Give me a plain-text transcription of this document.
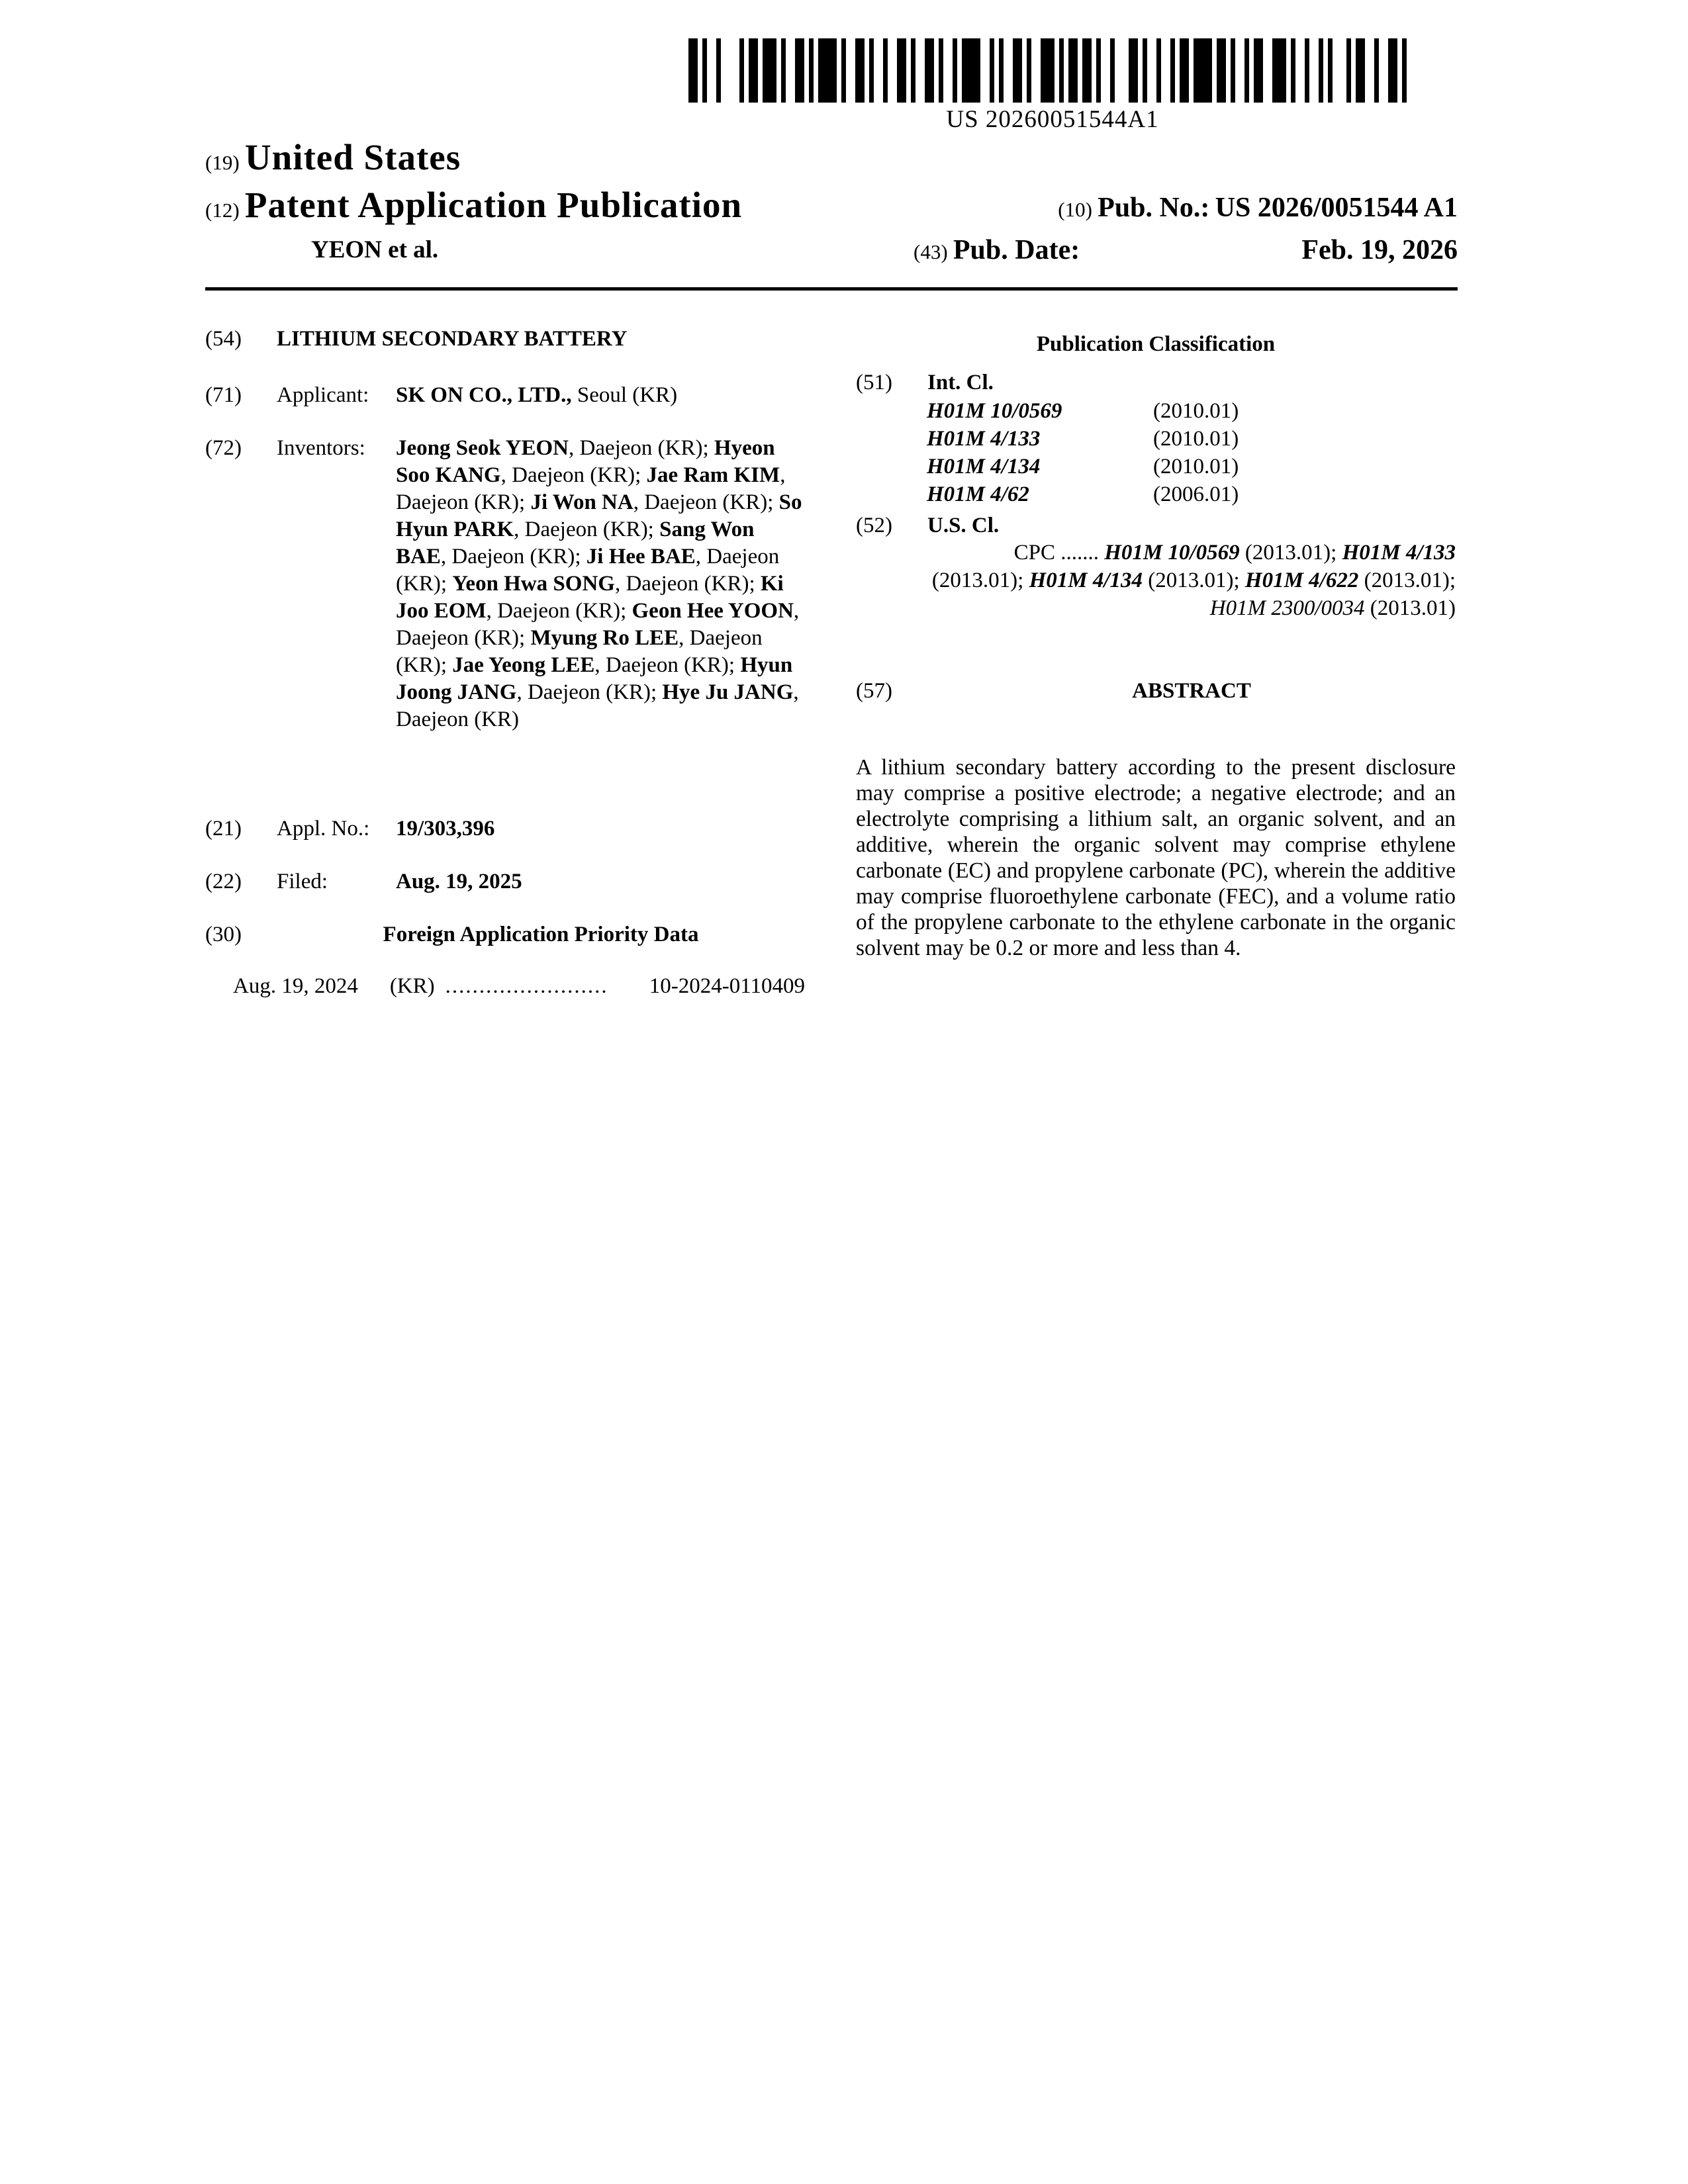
US 20260051544A1
(19) United States
(12) Patent Application Publication
YEON et al.
(10) Pub. No.: US 2026/0051544 A1
(43) Pub. Date:	Feb. 19, 2026
(54)	LITHIUM SECONDARY BATTERY
(71)	Applicant:	SK ON CO., LTD., Seoul (KR)
(72)	Inventors:	Jeong Seok YEON, Daejeon (KR); Hyeon Soo KANG, Daejeon (KR); Jae Ram KIM, Daejeon (KR); Ji Won NA, Daejeon (KR); So Hyun PARK, Daejeon (KR); Sang Won BAE, Daejeon (KR); Ji Hee BAE, Daejeon (KR); Yeon Hwa SONG, Daejeon (KR); Ki Joo EOM, Daejeon (KR); Geon Hee YOON, Daejeon (KR); Myung Ro LEE, Daejeon (KR); Jae Yeong LEE, Daejeon (KR); Hyun Joong JANG, Daejeon (KR); Hye Ju JANG, Daejeon (KR)
(21)	Appl. No.:	19/303,396
(22)	Filed:	Aug. 19, 2025
(30)	Foreign Application Priority Data
Aug. 19, 2024 (KR) ........................ 10-2024-0110409
Publication Classification
(51)	Int. Cl.
H01M 10/0569	(2010.01)
H01M 4/133	(2010.01)
H01M 4/134	(2010.01)
H01M 4/62	(2006.01)
(52)	U.S. Cl.
CPC ....... H01M 10/0569 (2013.01); H01M 4/133 (2013.01); H01M 4/134 (2013.01); H01M 4/622 (2013.01); H01M 2300/0034 (2013.01)
(57)	ABSTRACT
A lithium secondary battery according to the present disclosure may comprise a positive electrode; a negative electrode; and an electrolyte comprising a lithium salt, an organic solvent, and an additive, wherein the organic solvent may comprise ethylene carbonate (EC) and propylene carbonate (PC), wherein the additive may comprise fluoroethylene carbonate (FEC), and a volume ratio of the propylene carbonate to the ethylene carbonate in the organic solvent may be 0.2 or more and less than 4.
